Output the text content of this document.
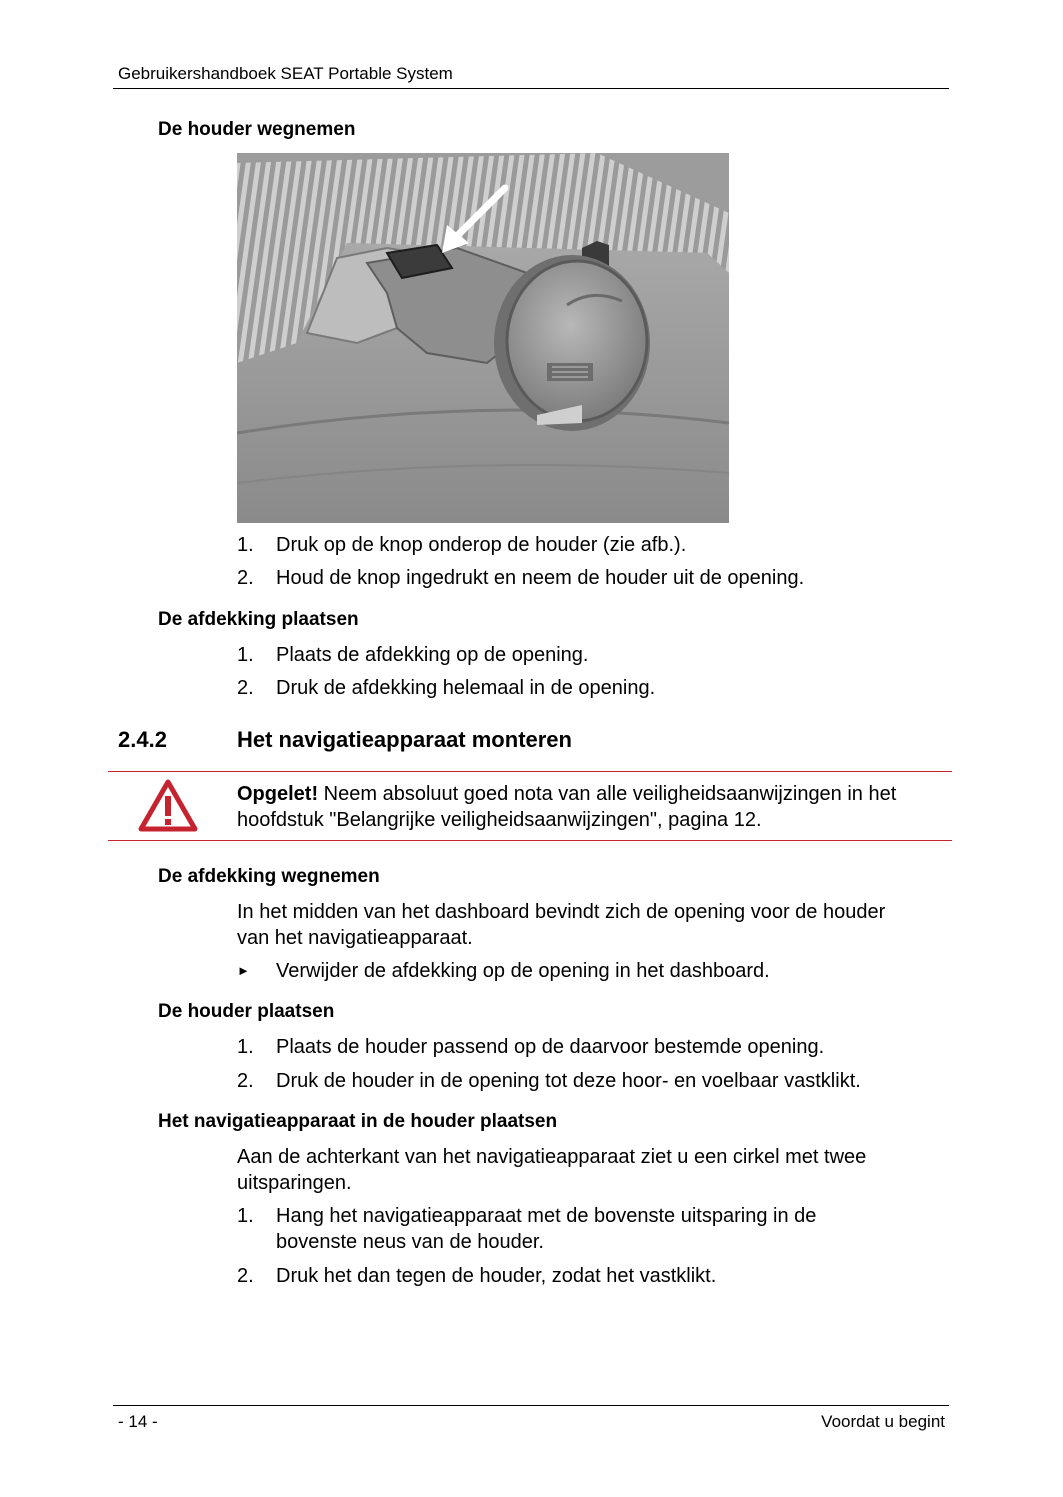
Gebruikershandboek SEAT Portable System
De houder wegnemen
1. Druk op de knop onderop de houder (zie afb.).
2. Houd de knop ingedrukt en neem de houder uit de opening.
De afdekking plaatsen
1. Plaats de afdekking op de opening.
2. Druk de afdekking helemaal in de opening.
2.4.2	Het navigatieapparaat monteren
Opgelet! Neem absoluut goed nota van alle veiligheidsaanwijzingen in het hoofdstuk "Belangrijke veiligheidsaanwijzingen", pagina 12.
De afdekking wegnemen
In het midden van het dashboard bevindt zich de opening voor de houder van het navigatieapparaat.
► Verwijder de afdekking op de opening in het dashboard.
De houder plaatsen
1. Plaats de houder passend op de daarvoor bestemde opening.
2. Druk de houder in de opening tot deze hoor- en voelbaar vastklikt.
Het navigatieapparaat in de houder plaatsen
Aan de achterkant van het navigatieapparaat ziet u een cirkel met twee uitsparingen.
1. Hang het navigatieapparaat met de bovenste uitsparing in de bovenste neus van de houder.
2. Druk het dan tegen de houder, zodat het vastklikt.
- 14 -	Voordat u begint
